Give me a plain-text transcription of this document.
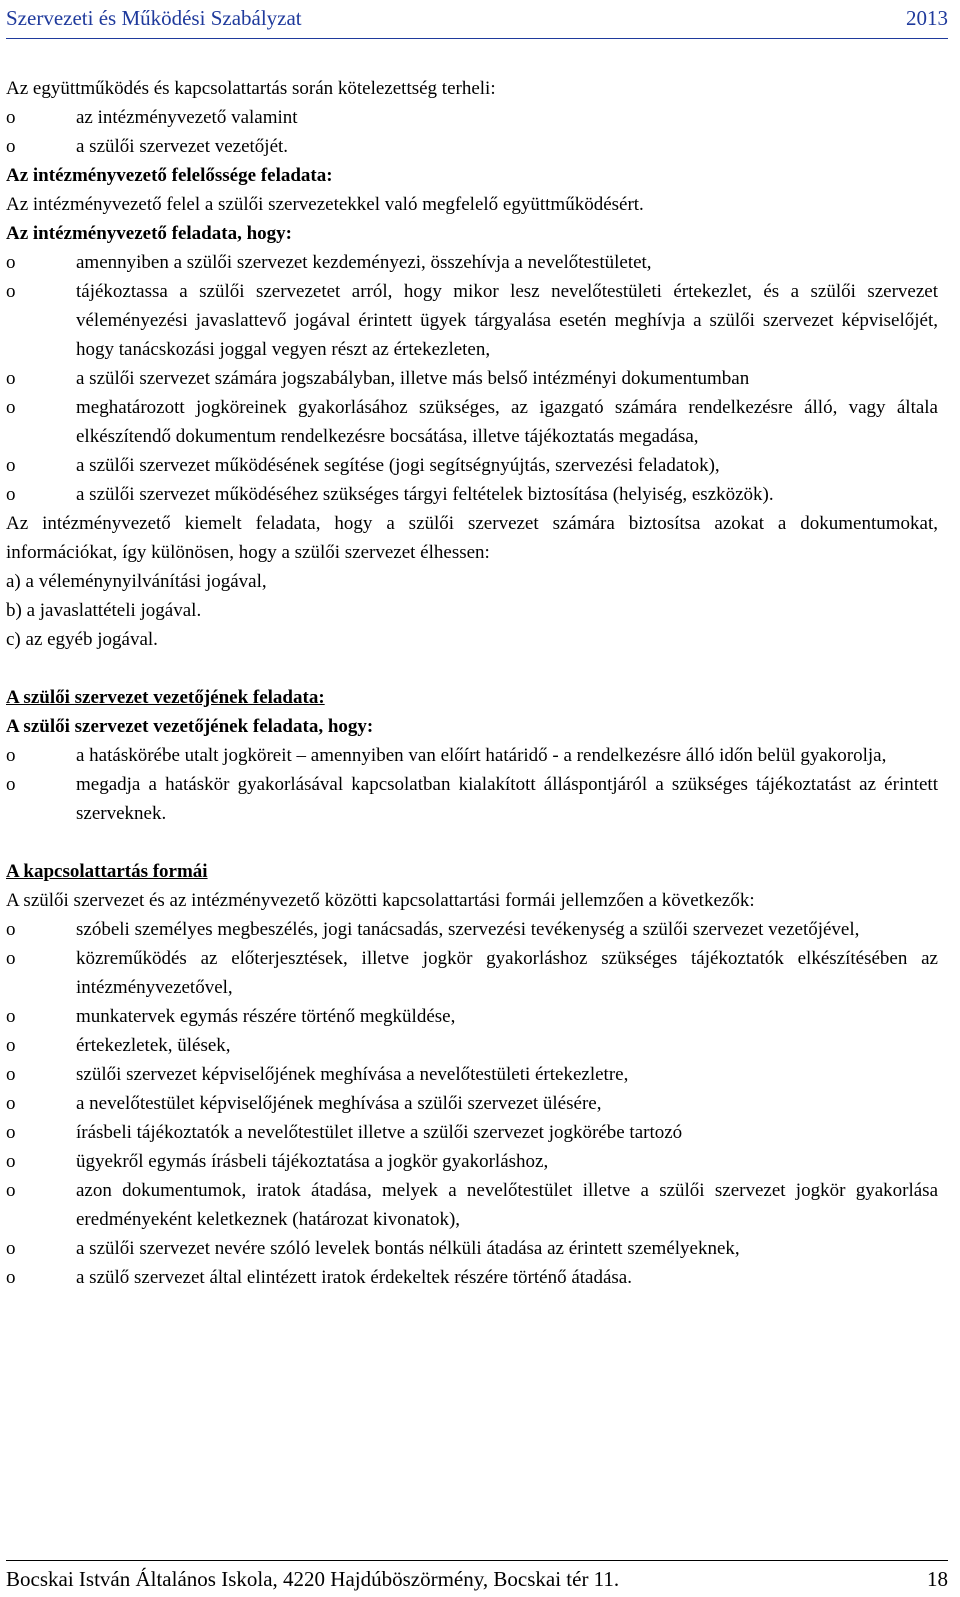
Szervezeti és Működési Szabályzat	2013

Az együttműködés és kapcsolattartás során kötelezettség terheli:

o	az intézményvezető valamint
o	a szülői szervezet vezetőjét.

Az intézményvezető felelőssége feladata:

Az intézményvezető felel a szülői szervezetekkel való megfelelő együttműködésért.

Az intézményvezető feladata, hogy:

o	amennyiben a szülői szervezet kezdeményezi, összehívja a nevelőtestületet,
o	tájékoztassa a szülői szervezetet arról, hogy mikor lesz nevelőtestületi értekezlet, és a szülői szervezet véleményezési javaslattevő jogával érintett ügyek tárgyalása esetén meghívja a szülői szervezet képviselőjét, hogy tanácskozási joggal vegyen részt az értekezleten,
o	a szülői szervezet számára jogszabályban, illetve más belső intézményi dokumentumban
o	meghatározott jogköreinek gyakorlásához szükséges, az igazgató számára rendelkezésre álló, vagy általa elkészítendő dokumentum rendelkezésre bocsátása, illetve tájékoztatás megadása,
o	a szülői szervezet működésének segítése (jogi segítségnyújtás, szervezési feladatok),
o	a szülői szervezet működéséhez szükséges tárgyi feltételek biztosítása (helyiség, eszközök).

Az intézményvezető kiemelt feladata, hogy a szülői szervezet számára biztosítsa azokat a dokumentumokat, információkat, így különösen, hogy a szülői szervezet élhessen:

a) a véleménynyilvánítási jogával,

b) a javaslattételi jogával.

c) az egyéb jogával.

A szülői szervezet vezetőjének feladata:

A szülői szervezet vezetőjének feladata, hogy:

o	a hatáskörébe utalt jogköreit – amennyiben van előírt határidő - a rendelkezésre álló időn belül gyakorolja,
o	megadja a hatáskör gyakorlásával kapcsolatban kialakított álláspontjáról a szükséges tájékoztatást az érintett szerveknek.

A kapcsolattartás formái

A szülői szervezet és az intézményvezető közötti kapcsolattartási formái jellemzően a következők:

o	szóbeli személyes megbeszélés, jogi tanácsadás, szervezési tevékenység a szülői szervezet vezetőjével,
o	közreműködés az előterjesztések, illetve jogkör gyakorláshoz szükséges tájékoztatók elkészítésében az intézményvezetővel,
o	munkatervek egymás részére történő megküldése,
o	értekezletek, ülések,
o	szülői szervezet képviselőjének meghívása a nevelőtestületi értekezletre,
o	a nevelőtestület képviselőjének meghívása a szülői szervezet ülésére,
o	írásbeli tájékoztatók a nevelőtestület illetve a szülői szervezet jogkörébe tartozó
o	ügyekről egymás írásbeli tájékoztatása a jogkör gyakorláshoz,
o	azon dokumentumok, iratok átadása, melyek a nevelőtestület illetve a szülői szervezet jogkör gyakorlása eredményeként keletkeznek (határozat kivonatok),
o	a szülői szervezet nevére szóló levelek bontás nélküli átadása az érintett személyeknek,
o	a szülő szervezet által elintézett iratok érdekeltek részére történő átadása.
Bocskai István Általános Iskola, 4220 Hajdúböszörmény, Bocskai tér 11.	18
